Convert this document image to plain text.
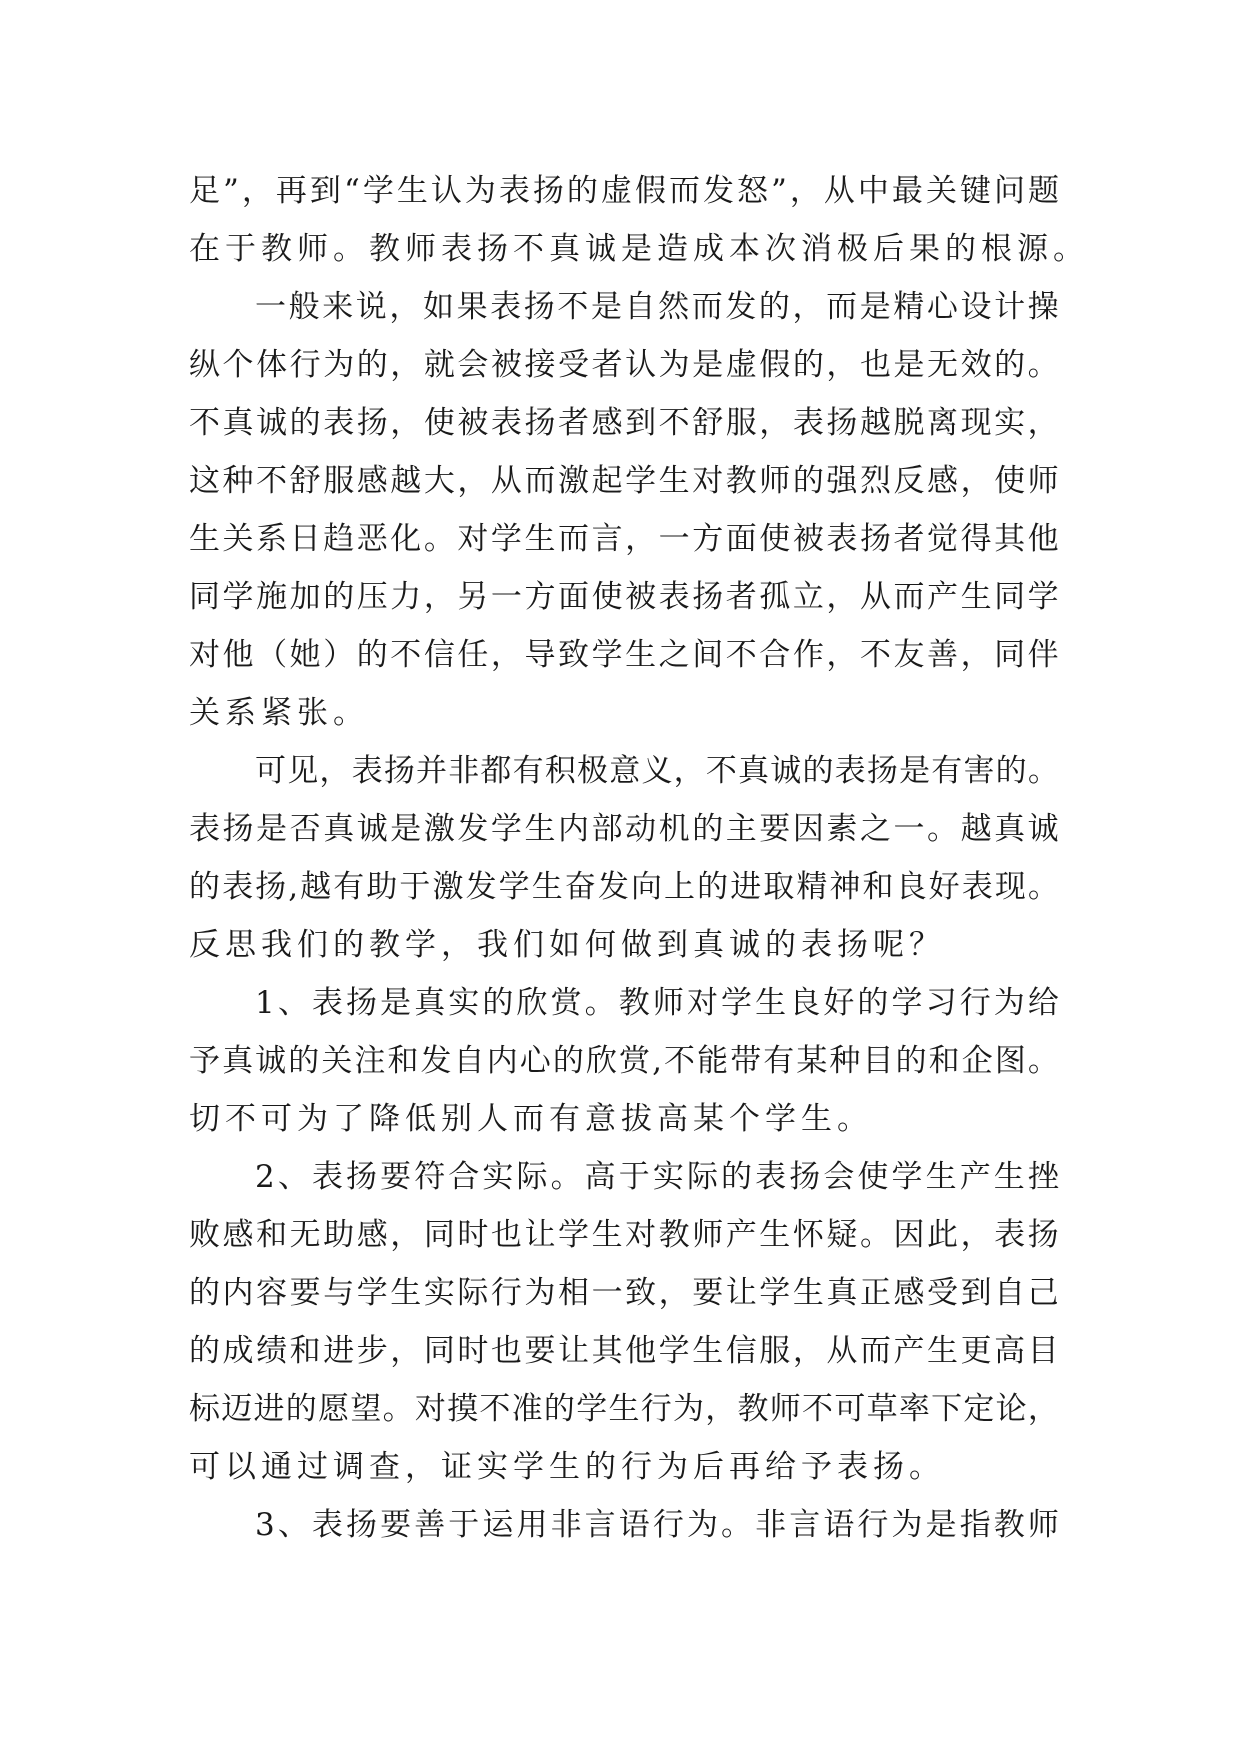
足 ” ， 再 到 “ 学 生 认 为 表 扬 的 虚 假 而 发 怒 ” ， 从 中 最 关 键 问 题
在于教师。教师表扬不真诚是造成本次消极后果的根源。
一 般 来 说 ， 如 果 表 扬 不 是 自 然 而 发 的 ， 而 是 精 心 设 计 操
纵 个 体 行 为 的 ， 就 会 被 接 受 者 认 为 是 虚 假 的 ， 也 是 无 效 的 。
不 真 诚 的 表 扬 ， 使 被 表 扬 者 感 到 不 舒 服 ， 表 扬 越 脱 离 现 实 ，
这 种 不 舒 服 感 越 大 ， 从 而 激 起 学 生 对 教 师 的 强 烈 反 感 ， 使 师
生 关 系 日 趋 恶 化 。 对 学 生 而 言 ， 一 方 面 使 被 表 扬 者 觉 得 其 他
同 学 施 加 的 压 力 ， 另 一 方 面 使 被 表 扬 者 孤 立 ， 从 而 产 生 同 学
对 他 （ 她 ） 的 不 信 任 ， 导 致 学 生 之 间 不 合 作 ， 不 友 善 ， 同 伴
关系紧张。
可 见 ， 表 扬 并 非 都 有 积 极 意 义 ， 不 真 诚 的 表 扬 是 有 害 的 。
表 扬 是 否 真 诚 是 激 发 学 生 内 部 动 机 的 主 要 因 素 之 一 。 越 真 诚
的 表 扬 , 越 有 助 于 激 发 学 生 奋 发 向 上 的 进 取 精 神 和 良 好 表 现 。
反思我们的教学，我们如何做到真诚的表扬呢？
1 、 表 扬 是 真 实 的 欣 赏 。 教 师 对 学 生 良 好 的 学 习 行 为 给
予 真 诚 的 关 注 和 发 自 内 心 的 欣 赏 , 不 能 带 有 某 种 目 的 和 企 图 。
切不可为了降低别人而有意拔高某个学生。
2 、 表 扬 要 符 合 实 际 。 高 于 实 际 的 表 扬 会 使 学 生 产 生 挫
败 感 和 无 助 感 ， 同 时 也 让 学 生 对 教 师 产 生 怀 疑 。 因 此 ， 表 扬
的 内 容 要 与 学 生 实 际 行 为 相 一 致 ， 要 让 学 生 真 正 感 受 到 自 己
的 成 绩 和 进 步 ， 同 时 也 要 让 其 他 学 生 信 服 ， 从 而 产 生 更 高 目
标 迈 进 的 愿 望 。 对 摸 不 准 的 学 生 行 为 ， 教 师 不 可 草 率 下 定 论 ，
可以通过调查，证实学生的行为后再给予表扬。
3 、 表 扬 要 善 于 运 用 非 言 语 行 为 。 非 言 语 行 为 是 指 教 师
